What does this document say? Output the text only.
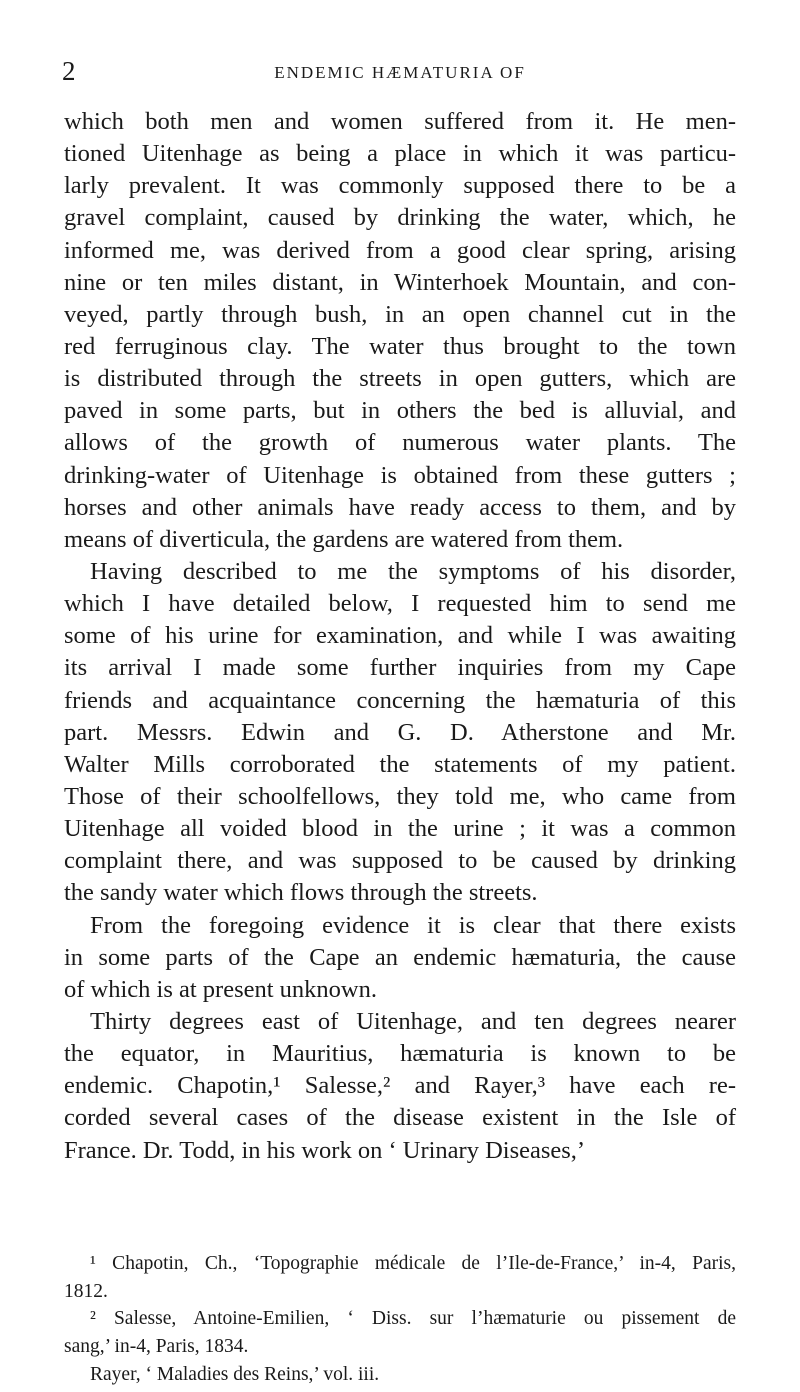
2	ENDEMIC HÆMATURIA OF
which both men and women suffered from it. He men-
tioned Uitenhage as being a place in which it was particu-
larly prevalent. It was commonly supposed there to be a
gravel complaint, caused by drinking the water, which, he
informed me, was derived from a good clear spring, arising
nine or ten miles distant, in Winterhoek Mountain, and con-
veyed, partly through bush, in an open channel cut in the
red ferruginous clay. The water thus brought to the town
is distributed through the streets in open gutters, which are
paved in some parts, but in others the bed is alluvial, and
allows of the growth of numerous water plants. The
drinking-water of Uitenhage is obtained from these gutters ;
horses and other animals have ready access to them, and by
means of diverticula, the gardens are watered from them.
Having described to me the symptoms of his disorder,
which I have detailed below, I requested him to send me
some of his urine for examination, and while I was awaiting
its arrival I made some further inquiries from my Cape
friends and acquaintance concerning the hæmaturia of this
part. Messrs. Edwin and G. D. Atherstone and Mr.
Walter Mills corroborated the statements of my patient.
Those of their schoolfellows, they told me, who came from
Uitenhage all voided blood in the urine ; it was a common
complaint there, and was supposed to be caused by drinking
the sandy water which flows through the streets.
From the foregoing evidence it is clear that there exists
in some parts of the Cape an endemic hæmaturia, the cause
of which is at present unknown.
Thirty degrees east of Uitenhage, and ten degrees nearer
the equator, in Mauritius, hæmaturia is known to be
endemic. Chapotin,¹ Salesse,² and Rayer,³ have each re-
corded several cases of the disease existent in the Isle of
France. Dr. Todd, in his work on ‘ Urinary Diseases,’
¹ Chapotin, Ch., ‘Topographie médicale de l’Ile-de-France,’ in-4, Paris,
1812.
² Salesse, Antoine-Emilien, ‘ Diss. sur l’hæmaturie ou pissement de
sang,’ in-4, Paris, 1834.
Rayer, ‘ Maladies des Reins,’ vol. iii.
